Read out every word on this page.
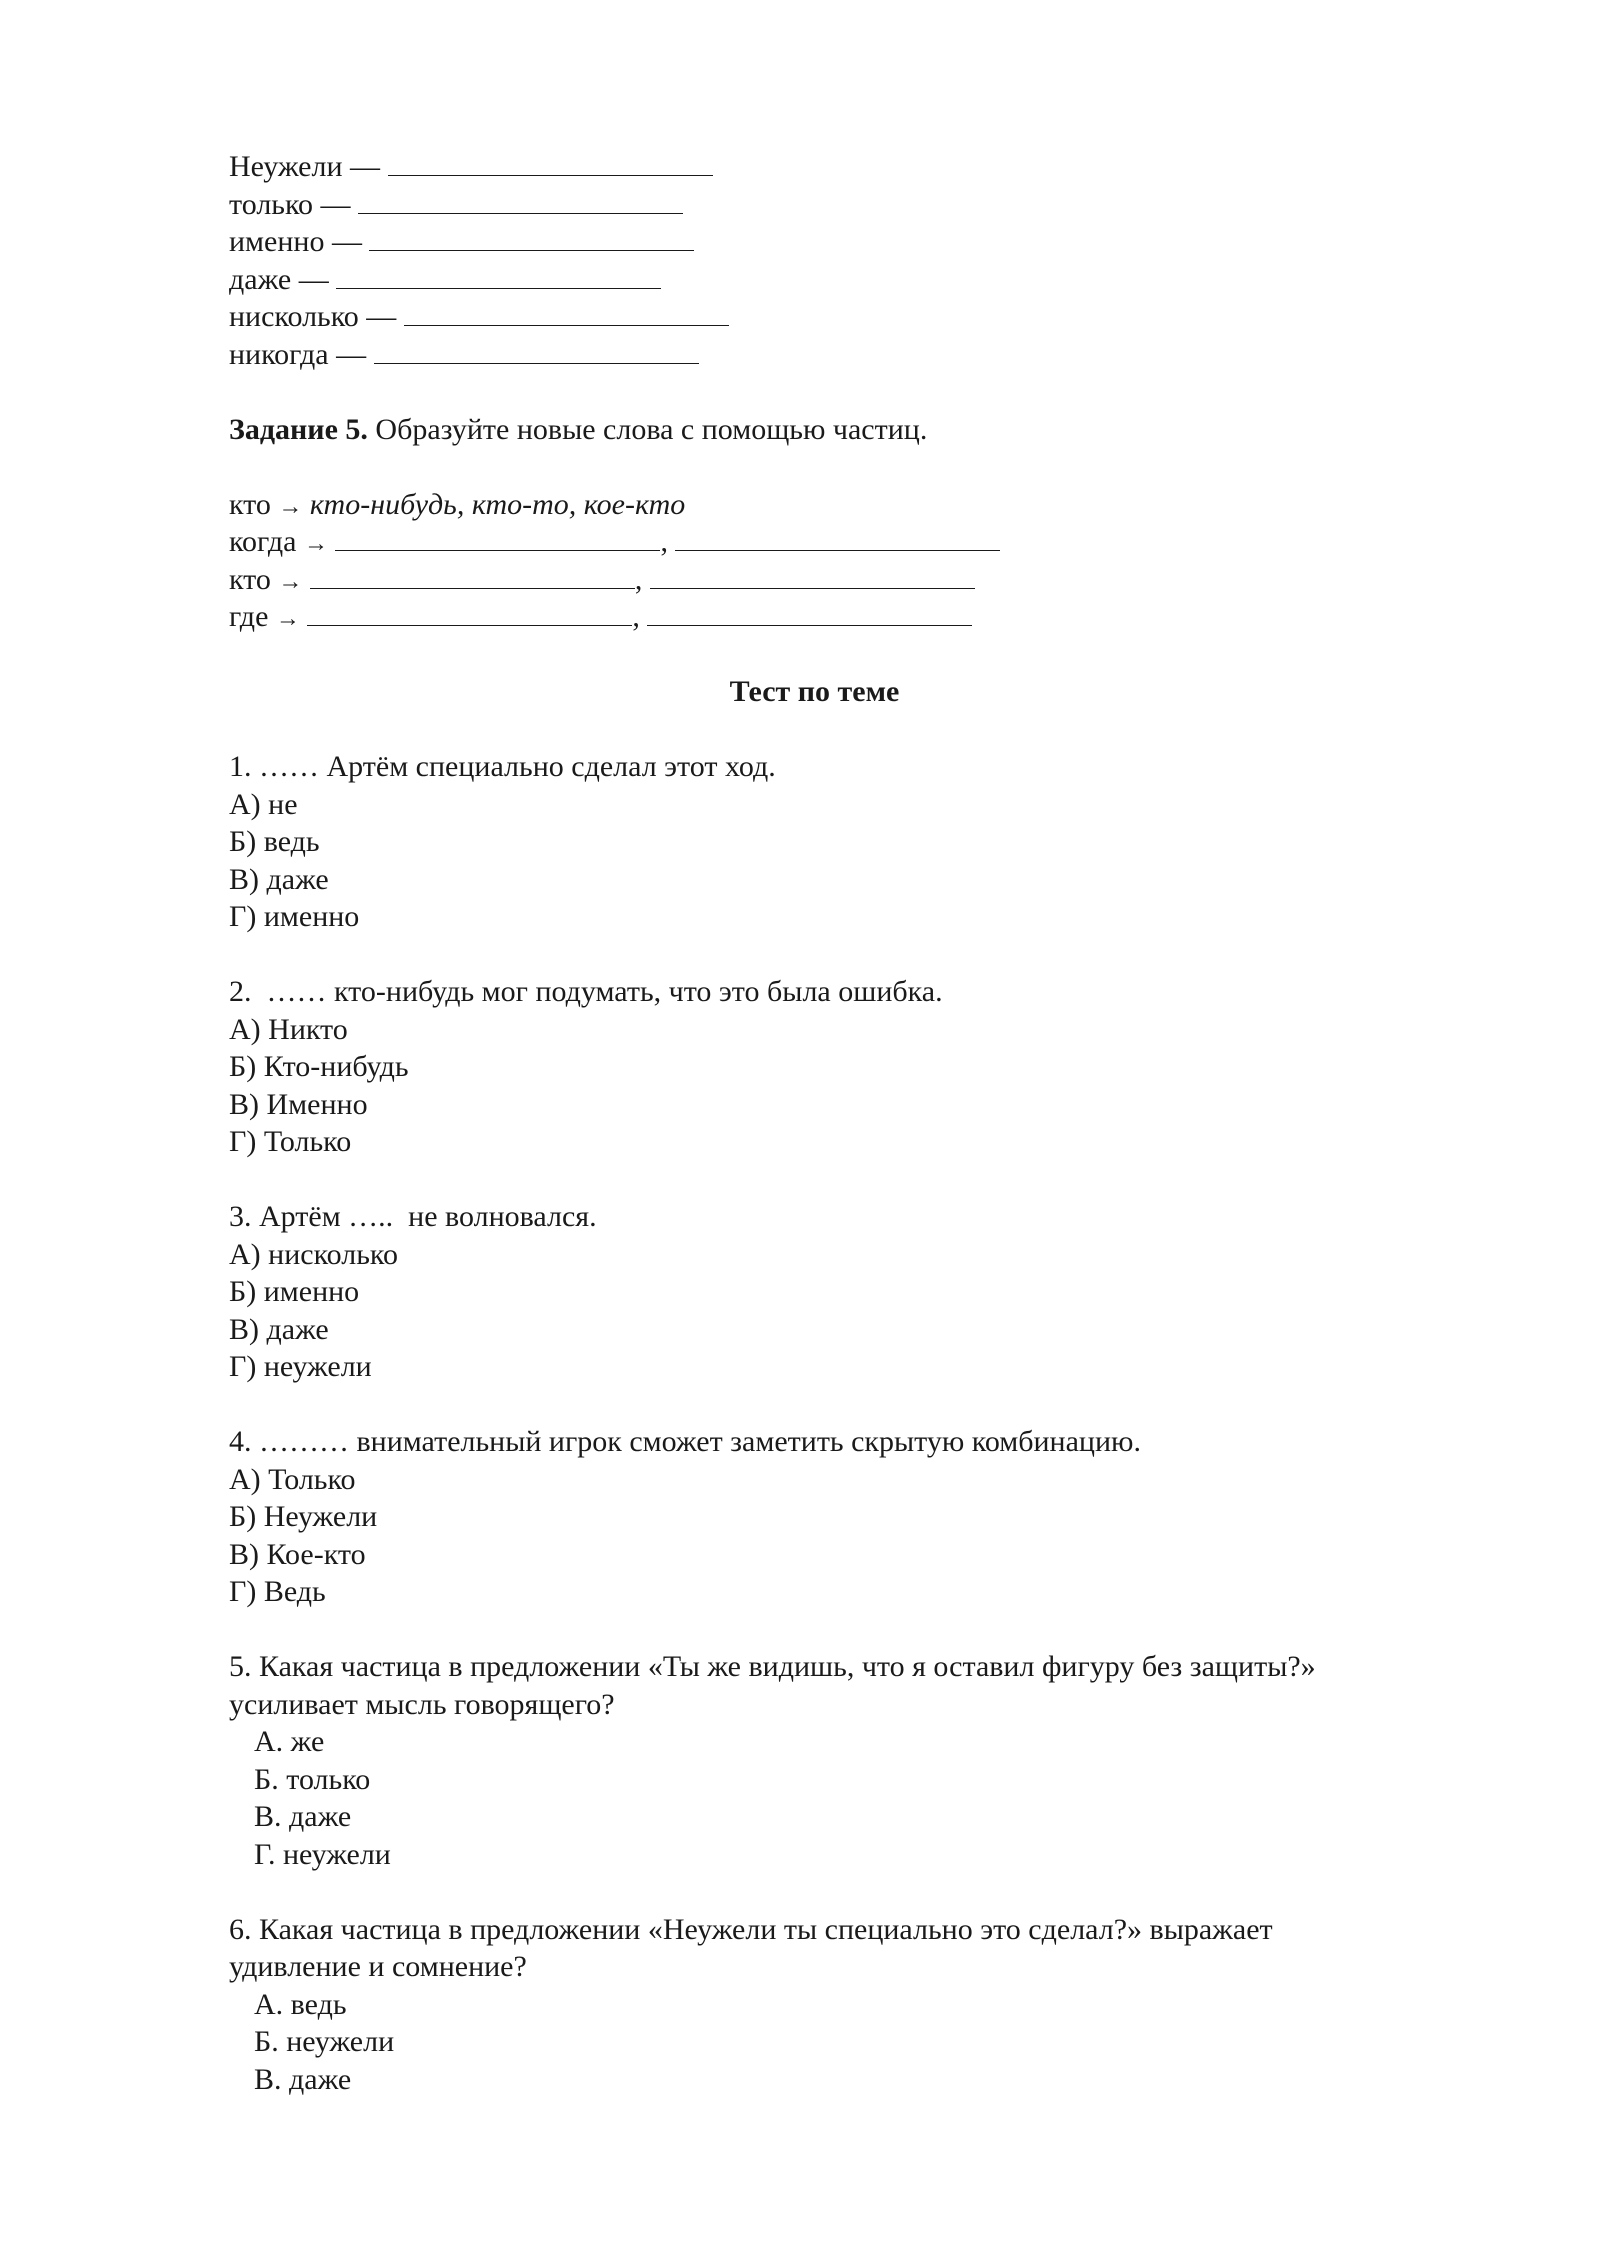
Неужели —

только —

именно —

даже —

нисколько —

никогда —

Задание 5. Образуйте новые слова с помощью частиц.

кто → кто-нибудь, кто-то, кое-кто

когда →	,

кто →	,

где →	,

Тест по теме

1. …… Артём специально сделал этот ход.

А) не

Б) ведь

В) даже

Г) именно

2.  …… кто-нибудь мог подумать, что это была ошибка.

А) Никто

Б) Кто-нибудь

В) Именно

Г) Только

3. Артём …..  не волновался.

А) нисколько

Б) именно

В) даже

Г) неужели

4. ……… внимательный игрок сможет заметить скрытую комбинацию.

А) Только

Б) Неужели

В) Кое-кто

Г) Ведь

5. Какая частица в предложении «Ты же видишь, что я оставил фигуру без защиты?»

усиливает мысль говорящего?

А. же

Б. только

В. даже

Г. неужели

6. Какая частица в предложении «Неужели ты специально это сделал?» выражает

удивление и сомнение?

А. ведь

Б. неужели

В. даже
